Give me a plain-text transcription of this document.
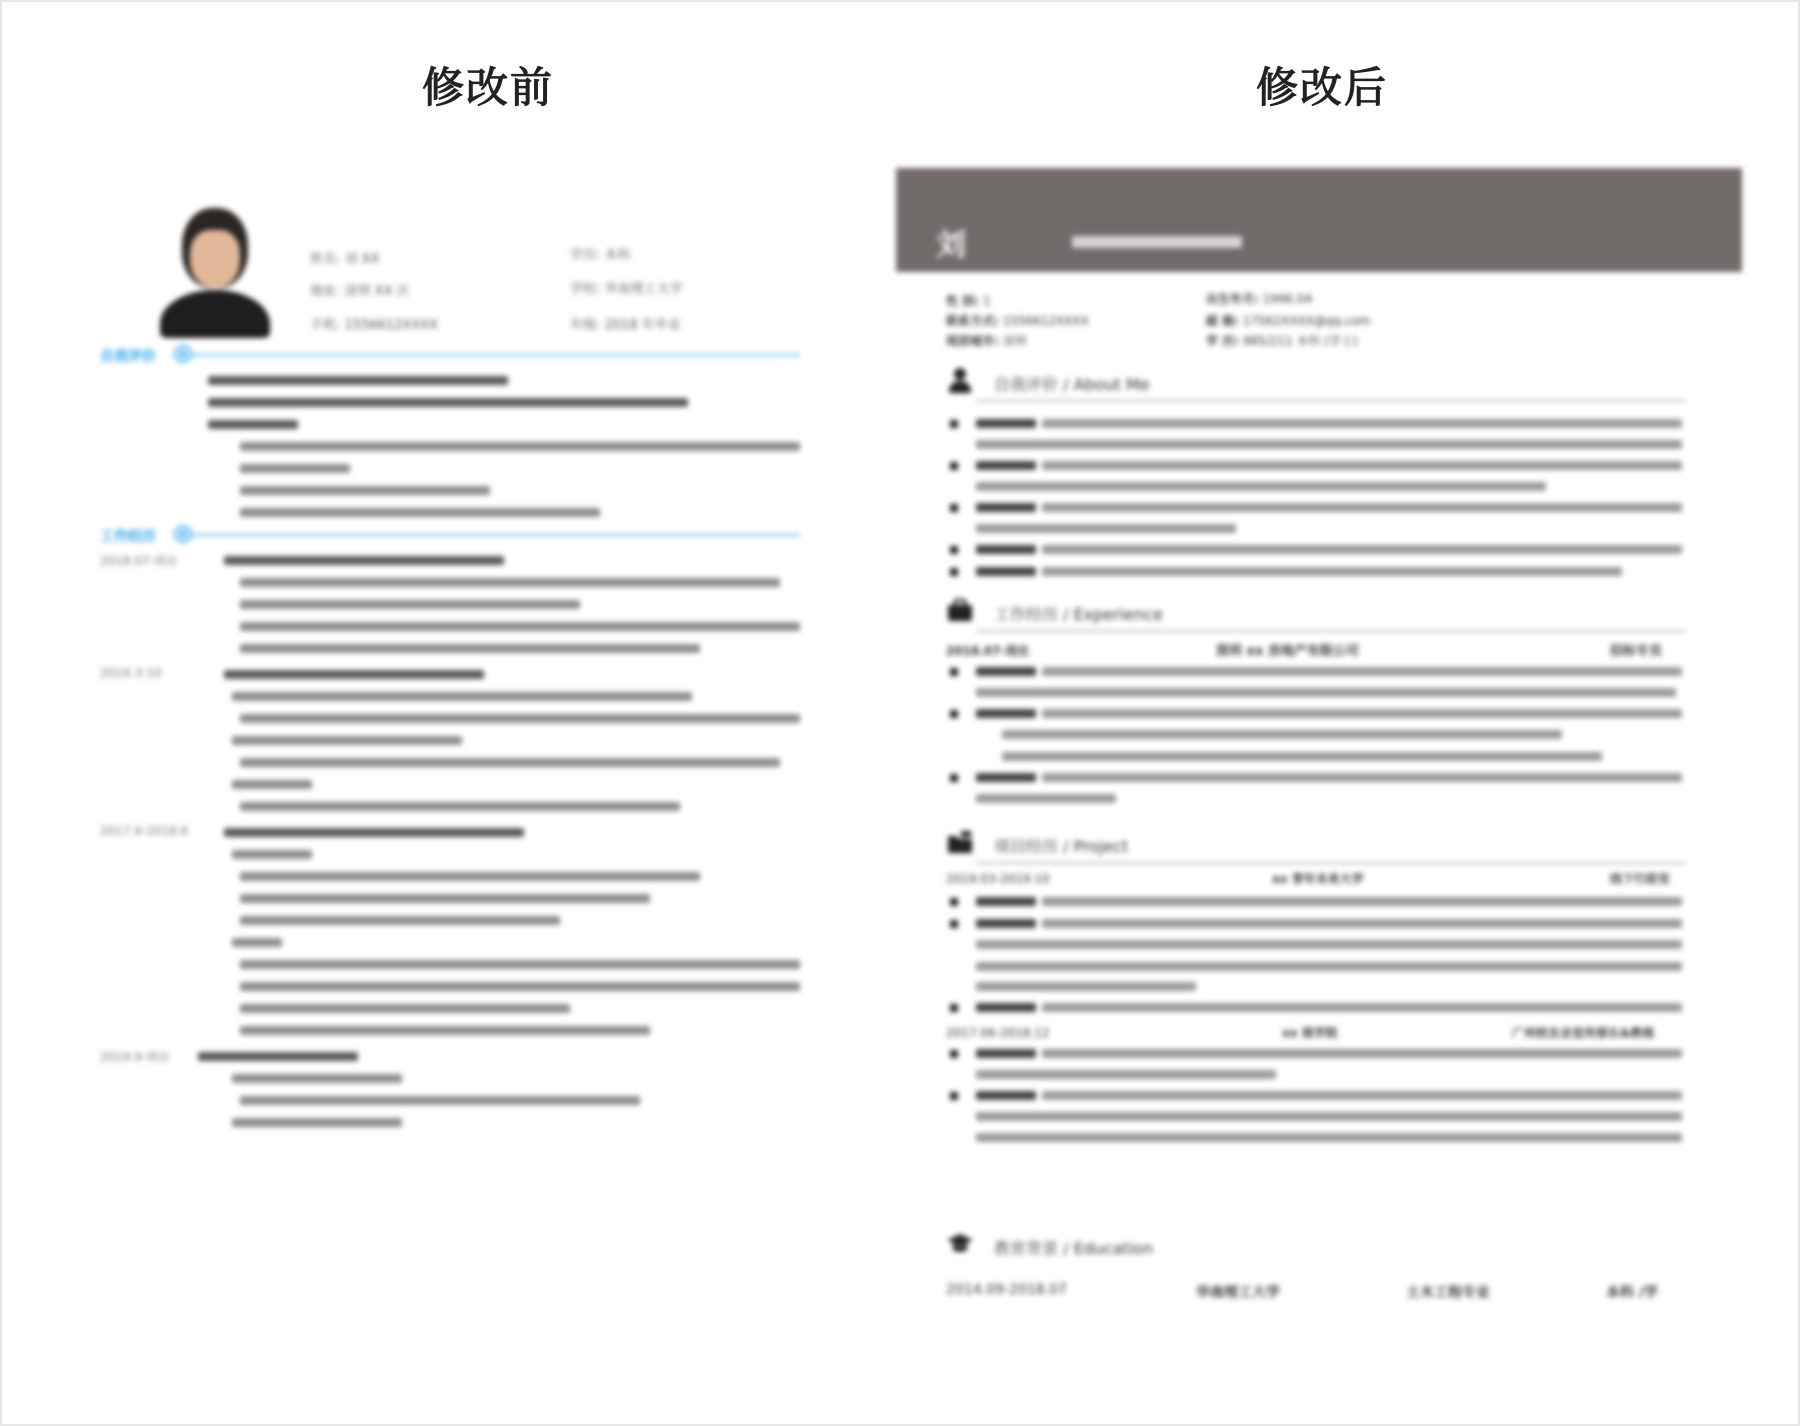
修改前	修改后
姓名: 刘 XX	学历: 本科
地址: 深圳 XX 区	学校: 华南理工大学
手机: 1556612XXXX	年级: 2018 年毕业
自我评价
工作经历
2018.07-现在
2019.3-10
2017.6-2018.6
2019.9-现在
刘
性 别: 1	出生年月: 1996.04
联系方式: 1556612XXXX	邮 箱: 17562XXXX@qq.com
现居城市: 深圳	学 历: 985/211 本科 (学士)
自我评价 / About Me
工作经历 / Experience
2018.07-现在	深圳 xx 房地产有限公司	招标专员
项目经历 / Project
2019.03-2019.10	xx 青年未来大学	线下行政官
2017.06-2018.12	xx 商学院	广州校友会宣传部长&教练
教育背景 / Education
2014.09-2018.07	华南理工大学	土木工程专业	本科 /学
